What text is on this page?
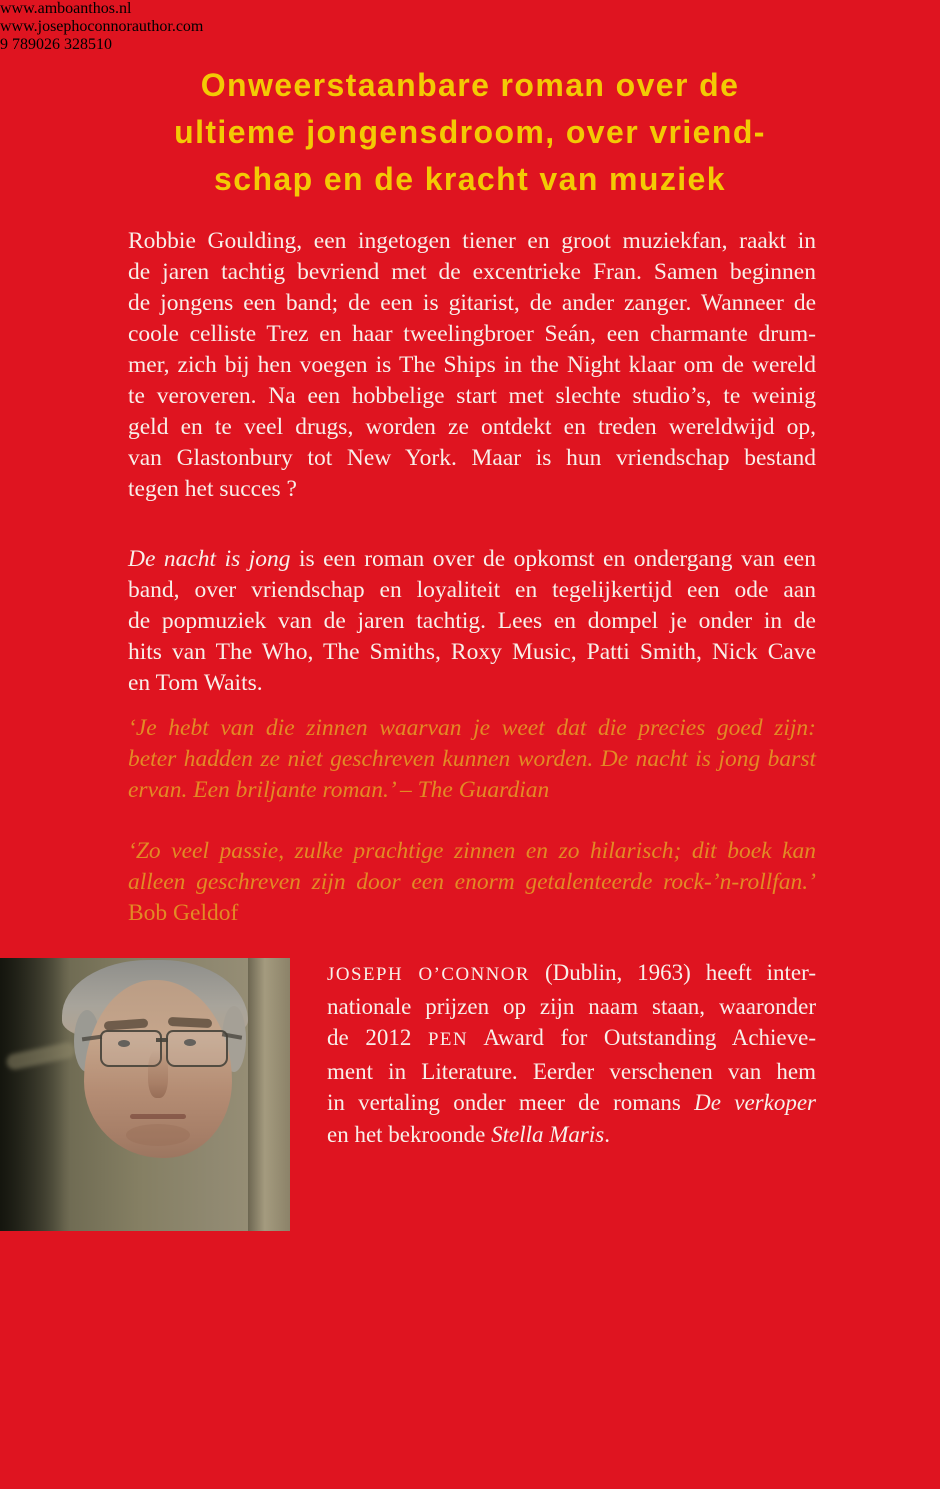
Onweerstaanbare roman over de
ultieme jongensdroom, over vriend-
schap en de kracht van muziek
Robbie Goulding, een ingetogen tiener en groot muziekfan, raakt in
de jaren tachtig bevriend met de excentrieke Fran. Samen beginnen
de jongens een band; de een is gitarist, de ander zanger. Wanneer de
coole celliste Trez en haar tweelingbroer Seán, een charmante drum-
mer, zich bij hen voegen is The Ships in the Night klaar om de wereld
te veroveren. Na een hobbelige start met slechte studio’s, te weinig
geld en te veel drugs, worden ze ontdekt en treden wereldwijd op,
van Glastonbury tot New York. Maar is hun vriendschap bestand
tegen het succes ?
De nacht is jong is een roman over de opkomst en ondergang van een
band, over vriendschap en loyaliteit en tegelijkertijd een ode aan
de popmuziek van de jaren tachtig. Lees en dompel je onder in de
hits van The Who, The Smiths, Roxy Music, Patti Smith, Nick Cave
en Tom Waits.
‘Je hebt van die zinnen waarvan je weet dat die precies goed zijn:
beter hadden ze niet geschreven kunnen worden. De nacht is jong barst
ervan. Een briljante roman.’ – The Guardian
‘Zo veel passie, zulke prachtige zinnen en zo hilarisch; dit boek kan
alleen geschreven zijn door een enorm getalenteerde rock-’n-rollfan.’
Bob Geldof
JOSEPH O’CONNOR (Dublin, 1963) heeft inter-
nationale prijzen op zijn naam staan, waaronder
de 2012 PEN Award for Outstanding Achieve-
ment in Literature. Eerder verschenen van hem
in vertaling onder meer de romans De verkoper
en het bekroonde Stella Maris.
www.amboanthos.nl
www.josephoconnorauthor.com
9 789026 328510
